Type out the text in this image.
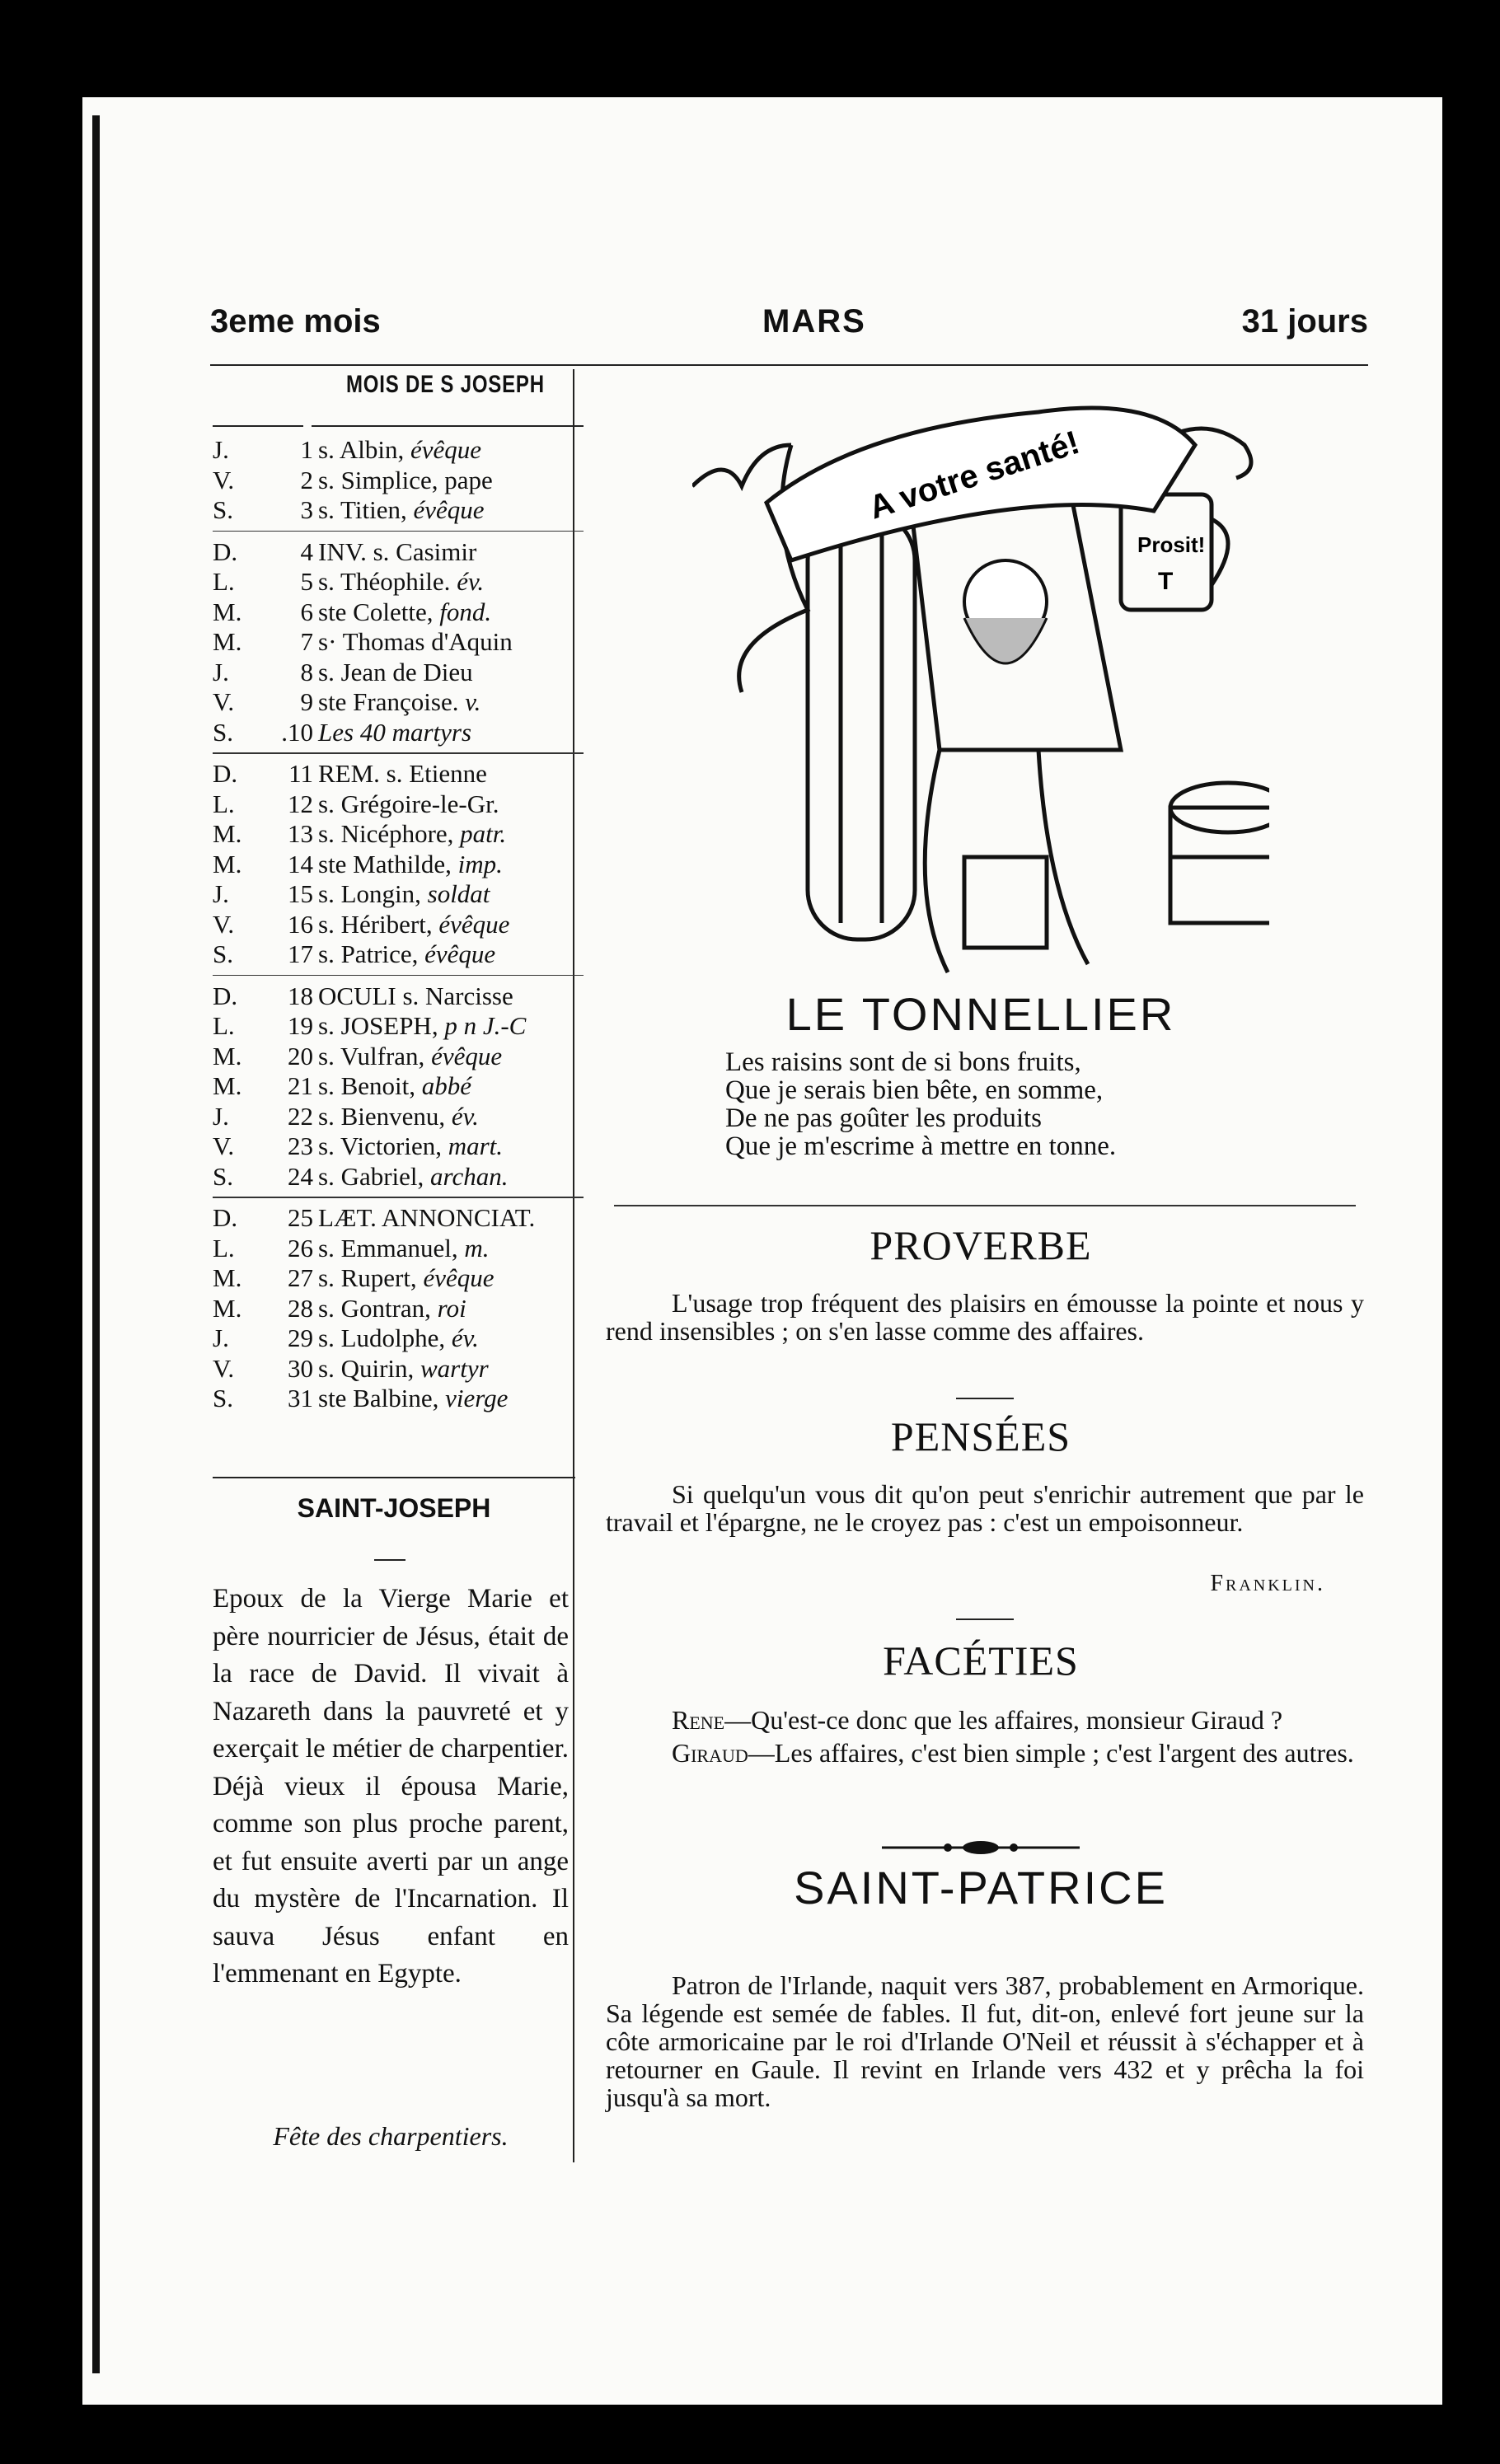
3eme mois	MARS	31 jours
MOIS DE S JOSEPH
J.	1 s. Albin, évêque
V.	2 s. Simplice, pape
S.	3 s. Titien, évêque
D.	4 INV. s. Casimir
L.	5 s. Théophile. év.
M.	6 ste Colette, fond.
M.	7 s· Thomas d'Aquin
J.	8 s. Jean de Dieu
V.	9 ste Françoise. v.
S.	.10 Les 40 martyrs
D.	11 REM. s. Etienne
L.	12 s. Grégoire-le-Gr.
M.	13 s. Nicéphore, patr.
M.	14 ste Mathilde, imp.
J.	15 s. Longin, soldat
V.	16 s. Héribert, évêque
S.	17 s. Patrice, évêque
D.	18 OCULI s. Narcisse
L.	19 s. JOSEPH, p n J.-C
M.	20 s. Vulfran, évêque
M.	21 s. Benoit, abbé
J.	22 s. Bienvenu, év.
V.	23 s. Victorien, mart.
S.	24 s. Gabriel, archan.
D.	25 LÆT. ANNONCIAT.
L.	26 s. Emmanuel, m.
M.	27 s. Rupert, évêque
M.	28 s. Gontran, roi
J.	29 s. Ludolphe, év.
V.	30 s. Quirin, wartyr
S.	31 ste Balbine, vierge
SAINT-JOSEPH
Epoux de la Vierge Marie et père nourricier de Jésus, était de la race de David. Il vivait à Nazareth dans la pauvreté et y exerçait le métier de charpentier. Déjà vieux il épousa Marie, comme son plus proche parent, et fut ensuite averti par un ange du mystère de l'Incarnation. Il sauva Jésus enfant en l'emmenant en Egypte.
Fête des charpentiers.
A votre santé!
Prosit!
T
LE TONNELLIER
Les raisins sont de si bons fruits,
Que je serais bien bête, en somme,
De ne pas goûter les produits
Que je m'escrime à mettre en tonne.
PROVERBE
L'usage trop fréquent des plaisirs en émousse la pointe et nous y rend insensibles ; on s'en lasse comme des affaires.
PENSÉES
Si quelqu'un vous dit qu'on peut s'enrichir autrement que par le travail et l'épargne, ne le croyez pas : c'est un empoisonneur.
Franklin.
FACÉTIES
Rene—Qu'est-ce donc que les affaires, monsieur Giraud ?
Giraud—Les affaires, c'est bien simple ; c'est l'argent des autres.
SAINT-PATRICE
Patron de l'Irlande, naquit vers 387, probablement en Armorique. Sa légende est semée de fables. Il fut, dit-on, enlevé fort jeune sur la côte armoricaine par le roi d'Irlande O'Neil et réussit à s'échapper et à retourner en Gaule. Il revint en Irlande vers 432 et y prêcha la foi jusqu'à sa mort.
